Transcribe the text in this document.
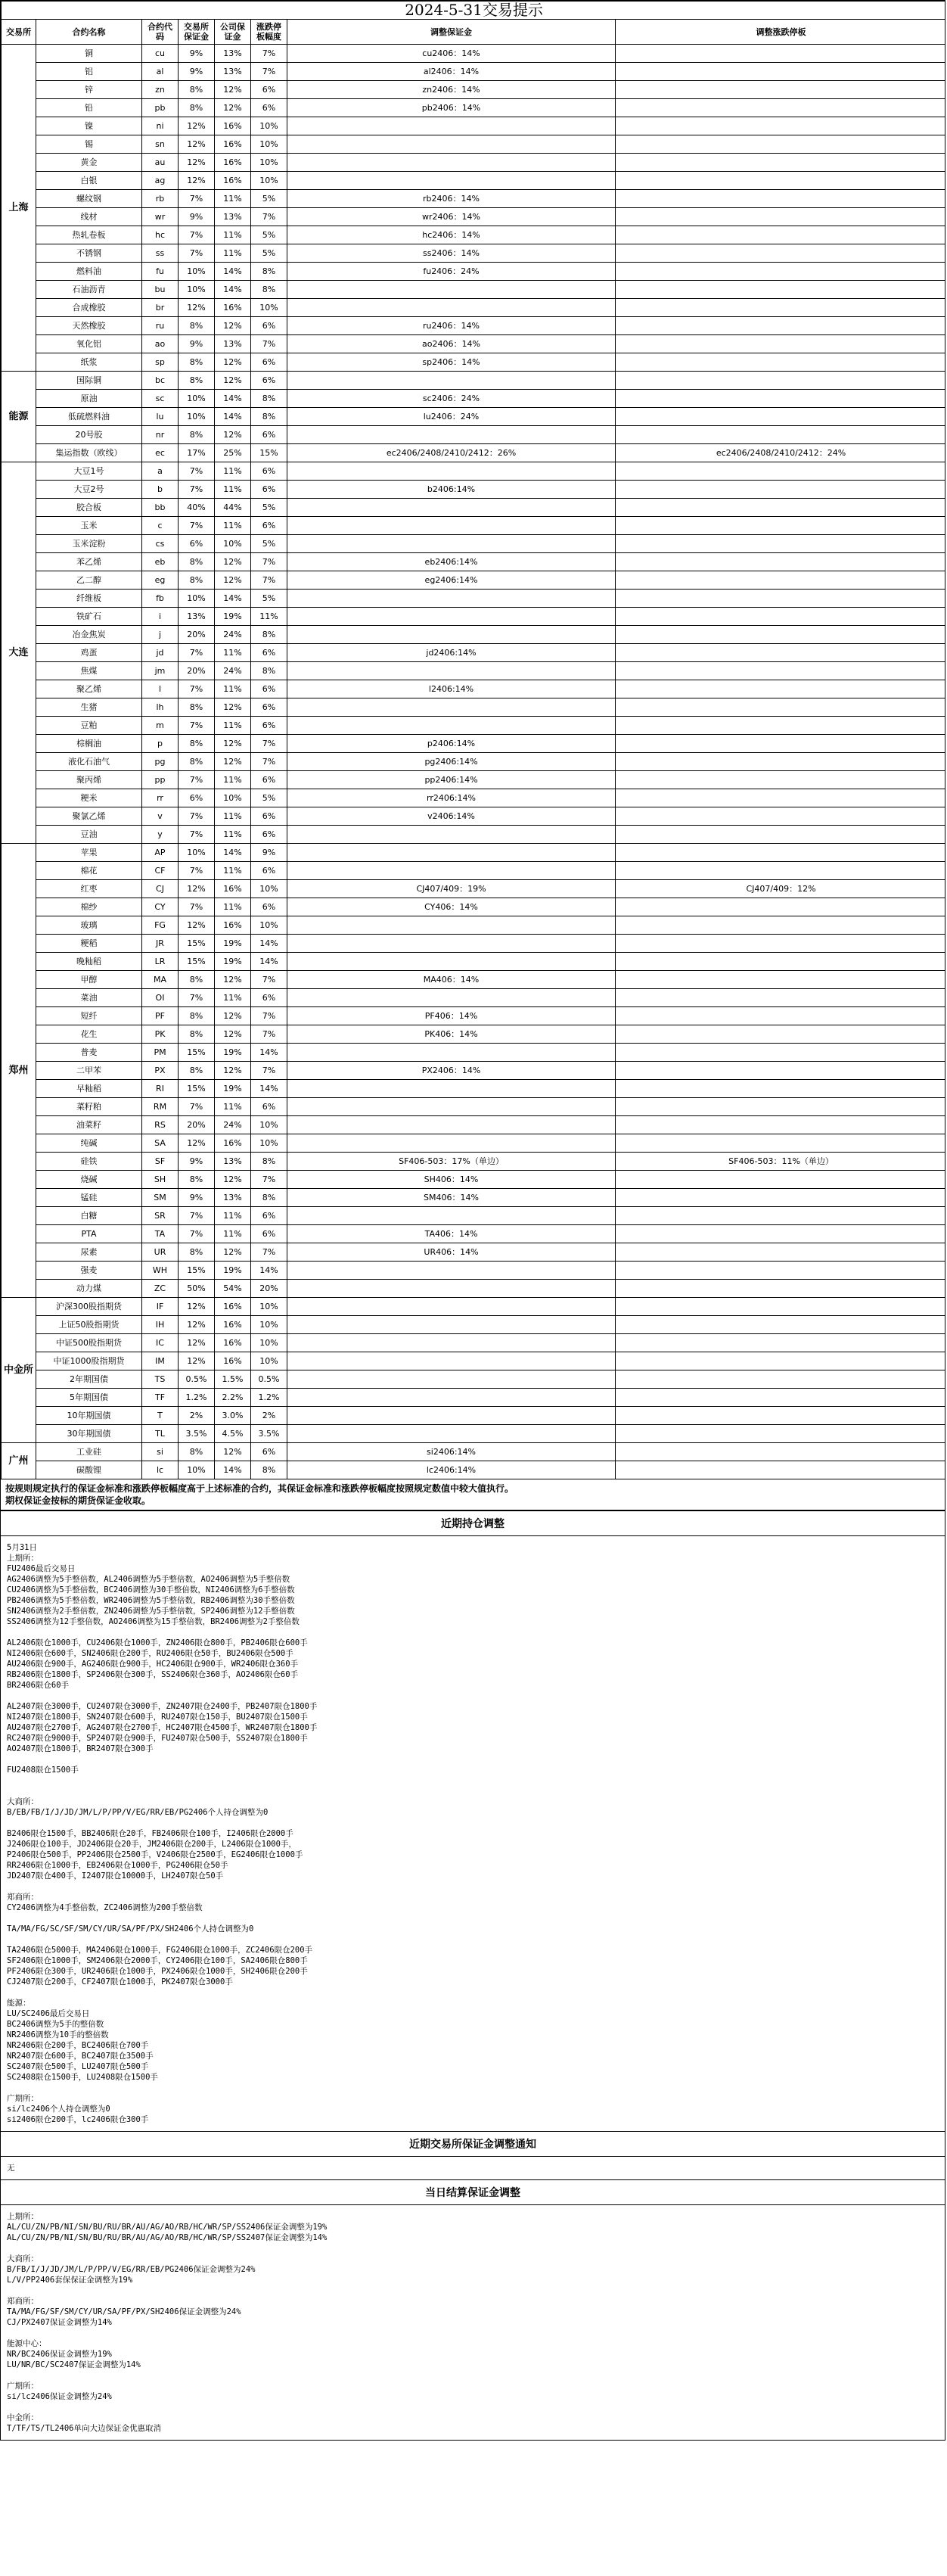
2024-5-31交易提示							
交易所	合约名称	合约代码	交易所保证金	公司保证金	涨跌停板幅度	调整保证金	调整涨跌停板
上海	铜	cu	9%	13%	7%	cu2406：14%	
	铝	al	9%	13%	7%	al2406：14%	
	锌	zn	8%	12%	6%	zn2406：14%	
	铅	pb	8%	12%	6%	pb2406：14%	
	镍	ni	12%	16%	10%		
	锡	sn	12%	16%	10%		
	黄金	au	12%	16%	10%		
	白银	ag	12%	16%	10%		
	螺纹钢	rb	7%	11%	5%	rb2406：14%	
	线材	wr	9%	13%	7%	wr2406：14%	
	热轧卷板	hc	7%	11%	5%	hc2406：14%	
	不锈钢	ss	7%	11%	5%	ss2406：14%	
	燃料油	fu	10%	14%	8%	fu2406：24%	
	石油沥青	bu	10%	14%	8%		
	合成橡胶	br	12%	16%	10%		
	天然橡胶	ru	8%	12%	6%	ru2406：14%	
	氧化铝	ao	9%	13%	7%	ao2406：14%	
	纸浆	sp	8%	12%	6%	sp2406：14%	
能源	国际铜	bc	8%	12%	6%		
	原油	sc	10%	14%	8%	sc2406：24%	
	低硫燃料油	lu	10%	14%	8%	lu2406：24%	
	20号胶	nr	8%	12%	6%		
	集运指数（欧线）	ec	17%	25%	15%	ec2406/2408/2410/2412：26%	ec2406/2408/2410/2412：24%
大连	大豆1号	a	7%	11%	6%		
	大豆2号	b	7%	11%	6%	b2406:14%	
	胶合板	bb	40%	44%	5%		
	玉米	c	7%	11%	6%		
	玉米淀粉	cs	6%	10%	5%		
	苯乙烯	eb	8%	12%	7%	eb2406:14%	
	乙二醇	eg	8%	12%	7%	eg2406:14%	
	纤维板	fb	10%	14%	5%		
	铁矿石	i	13%	19%	11%		
	冶金焦炭	j	20%	24%	8%		
	鸡蛋	jd	7%	11%	6%	jd2406:14%	
	焦煤	jm	20%	24%	8%		
	聚乙烯	l	7%	11%	6%	l2406:14%	
	生猪	lh	8%	12%	6%		
	豆粕	m	7%	11%	6%		
	棕榈油	p	8%	12%	7%	p2406:14%	
	液化石油气	pg	8%	12%	7%	pg2406:14%	
	聚丙烯	pp	7%	11%	6%	pp2406:14%	
	粳米	rr	6%	10%	5%	rr2406:14%	
	聚氯乙烯	v	7%	11%	6%	v2406:14%	
	豆油	y	7%	11%	6%		
郑州	苹果	AP	10%	14%	9%		
	棉花	CF	7%	11%	6%		
	红枣	CJ	12%	16%	10%	CJ407/409：19%	CJ407/409：12%
	棉纱	CY	7%	11%	6%	CY406：14%	
	玻璃	FG	12%	16%	10%		
	粳稻	JR	15%	19%	14%		
	晚籼稻	LR	15%	19%	14%		
	甲醇	MA	8%	12%	7%	MA406：14%	
	菜油	OI	7%	11%	6%		
	短纤	PF	8%	12%	7%	PF406：14%	
	花生	PK	8%	12%	7%	PK406：14%	
	普麦	PM	15%	19%	14%		
	二甲苯	PX	8%	12%	7%	PX2406：14%	
	早籼稻	RI	15%	19%	14%		
	菜籽粕	RM	7%	11%	6%		
	油菜籽	RS	20%	24%	10%		
	纯碱	SA	12%	16%	10%		
	硅铁	SF	9%	13%	8%	SF406-503：17%（单边）	SF406-503：11%（单边）
	烧碱	SH	8%	12%	7%	SH406：14%	
	锰硅	SM	9%	13%	8%	SM406：14%	
	白糖	SR	7%	11%	6%		
	PTA	TA	7%	11%	6%	TA406：14%	
	尿素	UR	8%	12%	7%	UR406：14%	
	强麦	WH	15%	19%	14%		
	动力煤	ZC	50%	54%	20%		
中金所	沪深300股指期货	IF	12%	16%	10%		
	上证50股指期货	IH	12%	16%	10%		
	中证500股指期货	IC	12%	16%	10%		
	中证1000股指期货	IM	12%	16%	10%		
	2年期国债	TS	0.5%	1.5%	0.5%		
	5年期国债	TF	1.2%	2.2%	1.2%		
	10年期国债	T	2%	3.0%	2%		
	30年期国债	TL	3.5%	4.5%	3.5%		
广州	工业硅	si	8%	12%	6%	si2406:14%	
	碳酸锂	lc	10%	14%	8%	lc2406:14%	
按规则规定执行的保证金标准和涨跌停板幅度高于上述标准的合约，其保证金标准和涨跌停板幅度按照规定数值中较大值执行。
期权保证金按标的期货保证金收取。
近期持仓调整
5月31日
上期所：
FU2406最后交易日
AG2406调整为5手整倍数，AL2406调整为5手整倍数，AO2406调整为5手整倍数
CU2406调整为5手整倍数，BC2406调整为30手整倍数，NI2406调整为6手整倍数
PB2406调整为5手整倍数，WR2406调整为5手整倍数，RB2406调整为30手整倍数
SN2406调整为2手整倍数，ZN2406调整为5手整倍数，SP2406调整为12手整倍数
SS2406调整为12手整倍数，AO2406调整为15手整倍数，BR2406调整为2手整倍数
AL2406限仓1000手，CU2406限仓1000手，ZN2406限仓800手，PB2406限仓600手
NI2406限仓600手，SN2406限仓200手，RU2406限仓50手，BU2406限仓500手
AU2406限仓900手，AG2406限仓900手，HC2406限仓900手，WR2406限仓360手
RB2406限仓1800手，SP2406限仓300手，SS2406限仓360手，AO2406限仓60手
BR2406限仓60手
AL2407限仓3000手，CU2407限仓3000手，ZN2407限仓2400手，PB2407限仓1800手
NI2407限仓1800手，SN2407限仓600手，RU2407限仓150手，BU2407限仓1500手
AU2407限仓2700手，AG2407限仓2700手，HC2407限仓4500手，WR2407限仓1800手
RC2407限仓9000手，SP2407限仓900手，FU2407限仓500手，SS2407限仓1800手
AO2407限仓1800手，BR2407限仓300手
FU2408限仓1500手
大商所：
B/EB/FB/I/J/JD/JM/L/P/PP/V/EG/RR/EB/PG2406个人持仓调整为0
B2406限仓1500手，BB2406限仓20手，FB2406限仓100手，I2406限仓2000手
J2406限仓100手，JD2406限仓20手，JM2406限仓200手，L2406限仓1000手，
P2406限仓500手，PP2406限仓2500手，V2406限仓2500手，EG2406限仓1000手
RR2406限仓1000手，EB2406限仓1000手，PG2406限仓50手
JD2407限仓400手，I2407限仓10000手，LH2407限仓50手
郑商所：
CY2406调整为4手整倍数，ZC2406调整为200手整倍数
TA/MA/FG/SC/SF/SM/CY/UR/SA/PF/PX/SH2406个人持仓调整为0
TA2406限仓5000手，MA2406限仓1000手，FG2406限仓1000手，ZC2406限仓200手
SF2406限仓1000手，SM2406限仓2000手，CY2406限仓100手，SA2406限仓800手
PF2406限仓300手，UR2406限仓1000手，PX2406限仓1000手，SH2406限仓200手
CJ2407限仓200手，CF2407限仓1000手，PK2407限仓3000手
能源：
LU/SC2406最后交易日
BC2406调整为5手的整倍数
NR2406调整为10手的整倍数
NR2406限仓200手，BC2406限仓700手
NR2407限仓600手，BC2407限仓3500手
SC2407限仓500手，LU2407限仓500手
SC2408限仓1500手，LU2408限仓1500手
广期所：
si/lc2406个人持仓调整为0
si2406限仓200手，lc2406限仓300手
近期交易所保证金调整通知
无
当日结算保证金调整
上期所：
AL/CU/ZN/PB/NI/SN/BU/RU/BR/AU/AG/AO/RB/HC/WR/SP/SS2406保证金调整为19%
AL/CU/ZN/PB/NI/SN/BU/RU/BR/AU/AG/AO/RB/HC/WR/SP/SS2407保证金调整为14%
大商所：
B/FB/I/J/JD/JM/L/P/PP/V/EG/RR/EB/PG2406保证金调整为24%
L/V/PP2406套保保证金调整为19%
郑商所：
TA/MA/FG/SF/SM/CY/UR/SA/PF/PX/SH2406保证金调整为24%
CJ/PX2407保证金调整为14%
能源中心：
NR/BC2406保证金调整为19%
LU/NR/BC/SC2407保证金调整为14%
广期所：
si/lc2406保证金调整为24%
中金所：
T/TF/TS/TL2406单向大边保证金优惠取消
